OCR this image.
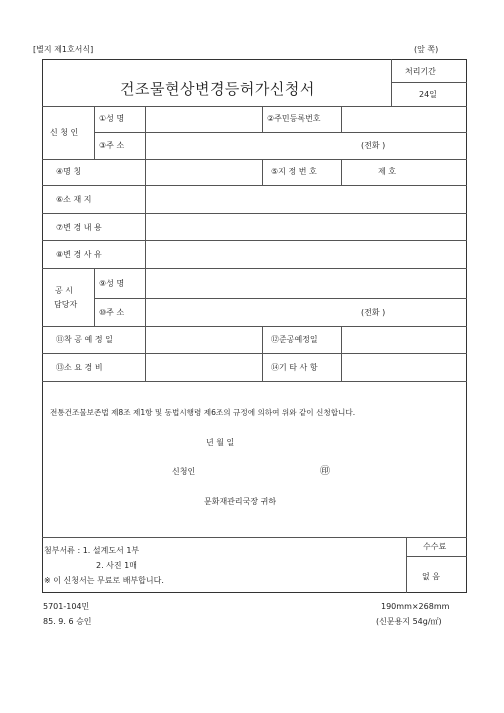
[별지 제1호서식]	(앞 쪽)
건조물현상변경등허가신청서
처리기간
24일
신 청 인
①성 명	②주민등록번호
③주 소	(전화 )
④명 칭	⑤지 정 번 호	제 호
⑥소 재 지
⑦변 경 내 용
⑧변 경 사 유
공 시
담당자
⑨성 명
⑩주 소	(전화 )
⑪착 공 예 정 일	⑫준공예정일
⑬소 요 경 비	⑭기 타 사 항
전통건조물보존법 제8조 제1항 및 동법시행령 제6조의 규정에 의하여 위와 같이 신청합니다.
년 월 일
신청인	㊞
문화재관리국장 귀하
첨부서류 : 1. 설계도서 1부
2. 사진 1매
※ 이 신청서는 무료로 배부합니다.
수수료
없 음
5701-104민
85. 9. 6 승인
190mm×268mm
(신문용지 54g/㎡)
